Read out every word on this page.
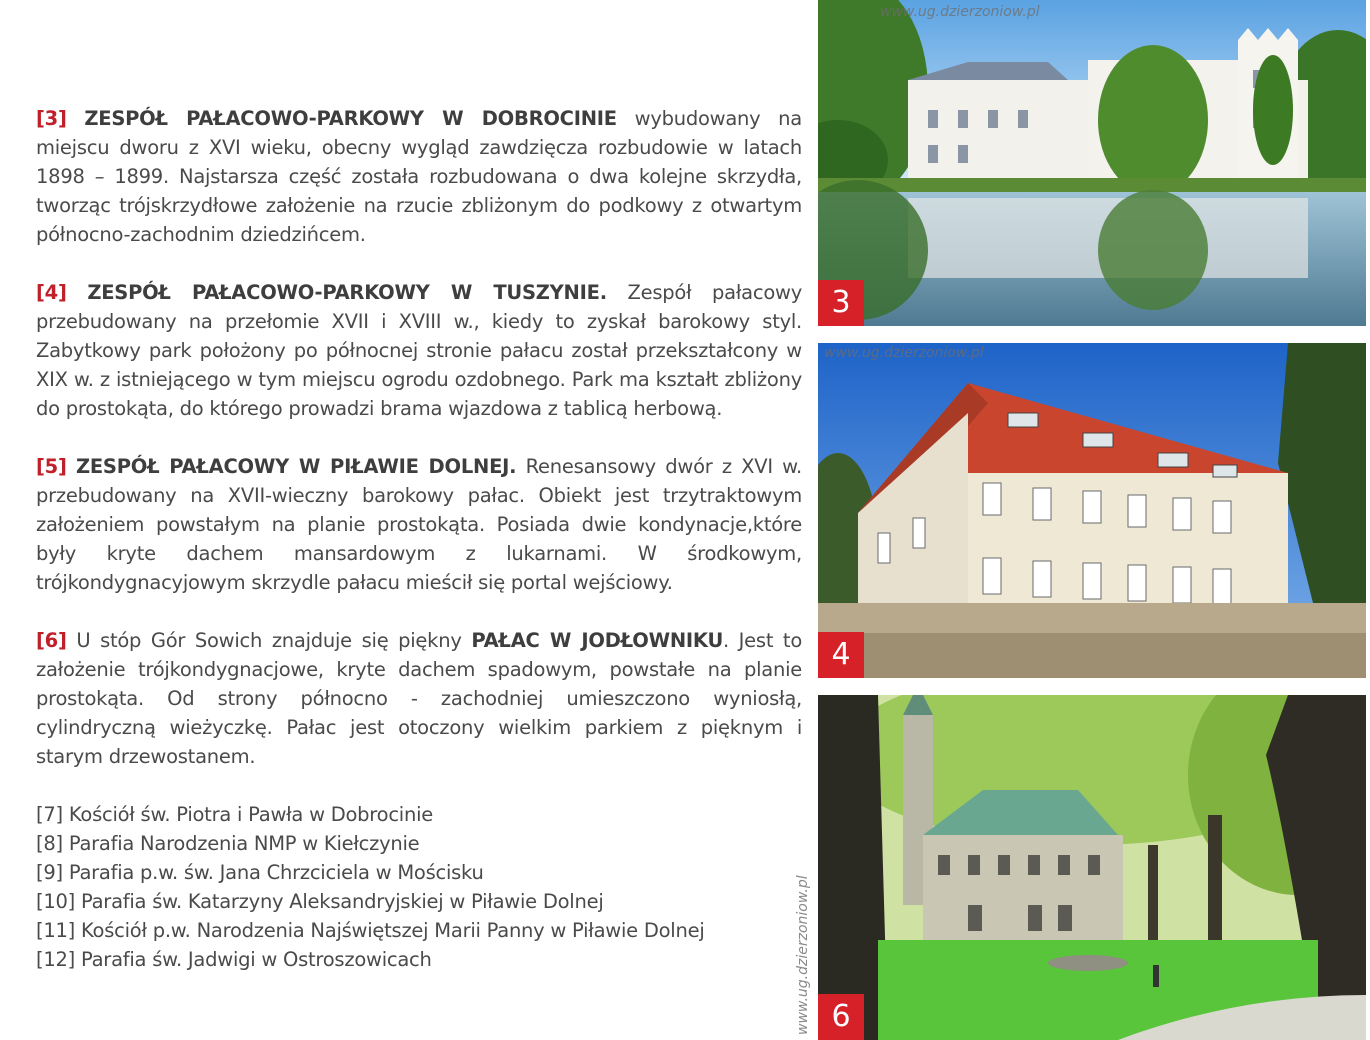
[3] ZESPÓŁ PAŁACOWO-PARKOWY W DOBROCINIE wybudowany na miejscu dworu z XVI wieku, obecny wygląd zawdzięcza rozbudowie w latach 1898 – 1899. Najstarsza część została rozbudowana o dwa kolejne skrzydła, tworząc trójskrzydłowe założenie na rzucie zbliżonym do podkowy z otwartym północno-zachodnim dziedzińcem.

[4] ZESPÓŁ PAŁACOWO-PARKOWY W TUSZYNIE. Zespół pałacowy przebudowany na przełomie XVII i XVIII w., kiedy to zyskał barokowy styl. Zabytkowy park położony po północnej stronie pałacu został przekształcony w XIX w. z istniejącego w tym miejscu ogrodu ozdobnego. Park ma kształt zbliżony do prostokąta, do którego prowadzi brama wjazdowa z tablicą herbową.

[5] ZESPÓŁ PAŁACOWY W PIŁAWIE DOLNEJ. Renesansowy dwór z XVI w. przebudowany na XVII-wieczny barokowy pałac. Obiekt jest trzytraktowym założeniem powstałym na planie prostokąta. Posiada dwie kondynacje,które były kryte dachem mansardowym z lukarnami. W środkowym, trójkondygnacyjowym skrzydle pałacu mieścił się portal wejściowy.

[6] U stóp Gór Sowich znajduje się piękny PAŁAC W JODŁOWNIKU. Jest to założenie trójkondygnacjowe, kryte dachem spadowym, powstałe na planie prostokąta. Od strony północno - zachodniej umieszczono wyniosłą, cylindryczną wieżyczkę. Pałac jest otoczony wielkim parkiem z pięknym i starym drzewostanem.

[7] Kościół św. Piotra i Pawła w Dobrocinie
[8] Parafia Narodzenia NMP w Kiełczynie
[9] Parafia p.w. św. Jana Chrzciciela w Mościsku
[10] Parafia św. Katarzyny Aleksandryjskiej w Piławie Dolnej
[11] Kościół p.w. Narodzenia Najświętszej Marii Panny w Piławie Dolnej
[12] Parafia św. Jadwigi w Ostroszowicach	www.ug.dzierzoniow.pl
www.ug.dzierzoniow.pl
3
www.ug.dzierzoniow.pl
4
6
